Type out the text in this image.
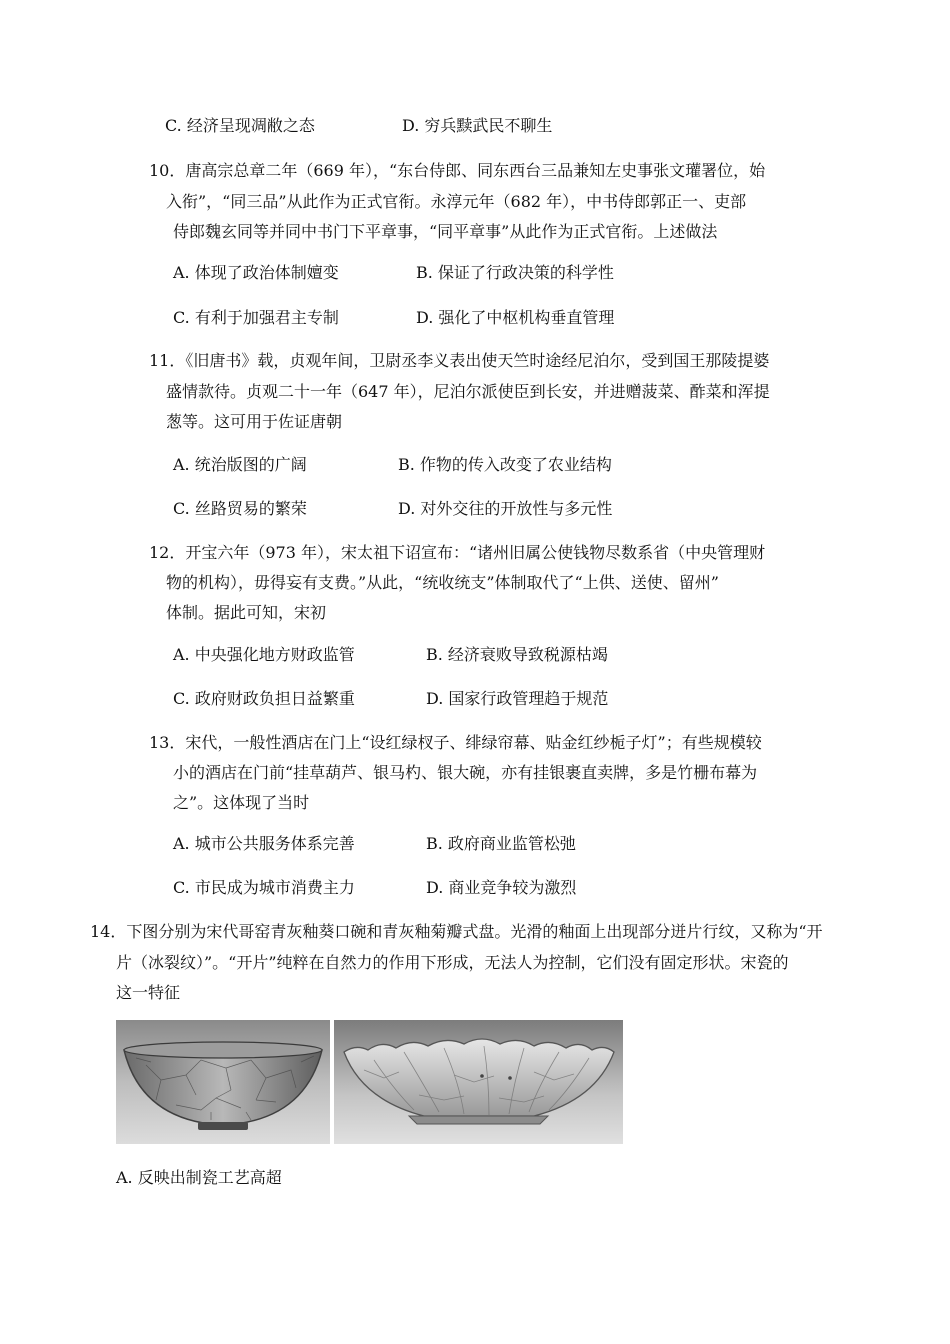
C. 经济呈现凋敝之态	D. 穷兵黩武民不聊生
10．唐高宗总章二年（669 年），“东台侍郎、同东西台三品兼知左史事张文瓘署位，始
入衔”，“同三品”从此作为正式官衔。永淳元年（682 年），中书侍郎郭正一、吏部
侍郎魏玄同等并同中书门下平章事，“同平章事”从此作为正式官衔。上述做法
A. 体现了政治体制嬗变	B. 保证了行政决策的科学性
C. 有利于加强君主专制	D. 强化了中枢机构垂直管理
11．《旧唐书》载，贞观年间，卫尉丞李义表出使天竺时途经尼泊尔，受到国王那陵提婆
盛情款待。贞观二十一年（647 年），尼泊尔派使臣到长安，并进赠菠菜、酢菜和浑提
葱等。这可用于佐证唐朝
A. 统治版图的广阔	B. 作物的传入改变了农业结构
C. 丝路贸易的繁荣	D. 对外交往的开放性与多元性
12．开宝六年（973 年），宋太祖下诏宣布：“诸州旧属公使钱物尽数系省（中央管理财
物的机构），毋得妄有支费。”从此，“统收统支”体制取代了“上供、送使、留州”
体制。据此可知，宋初
A. 中央强化地方财政监管	B. 经济衰败导致税源枯竭
C. 政府财政负担日益繁重	D. 国家行政管理趋于规范
13．宋代，一般性酒店在门上“设红绿杈子、绯绿帘幕、贴金红纱栀子灯”；有些规模较
小的酒店在门前“挂草葫芦、银马杓、银大碗，亦有挂银裹直卖牌，多是竹栅布幕为
之”。这体现了当时
A. 城市公共服务体系完善	B. 政府商业监管松弛
C. 市民成为城市消费主力	D. 商业竞争较为激烈
14．下图分别为宋代哥窑青灰釉葵口碗和青灰釉菊瓣式盘。光滑的釉面上出现部分迸片行纹，又称为“开
片（冰裂纹）”。“开片”纯粹在自然力的作用下形成，无法人为控制，它们没有固定形状。宋瓷的
这一特征
A. 反映出制瓷工艺高超
